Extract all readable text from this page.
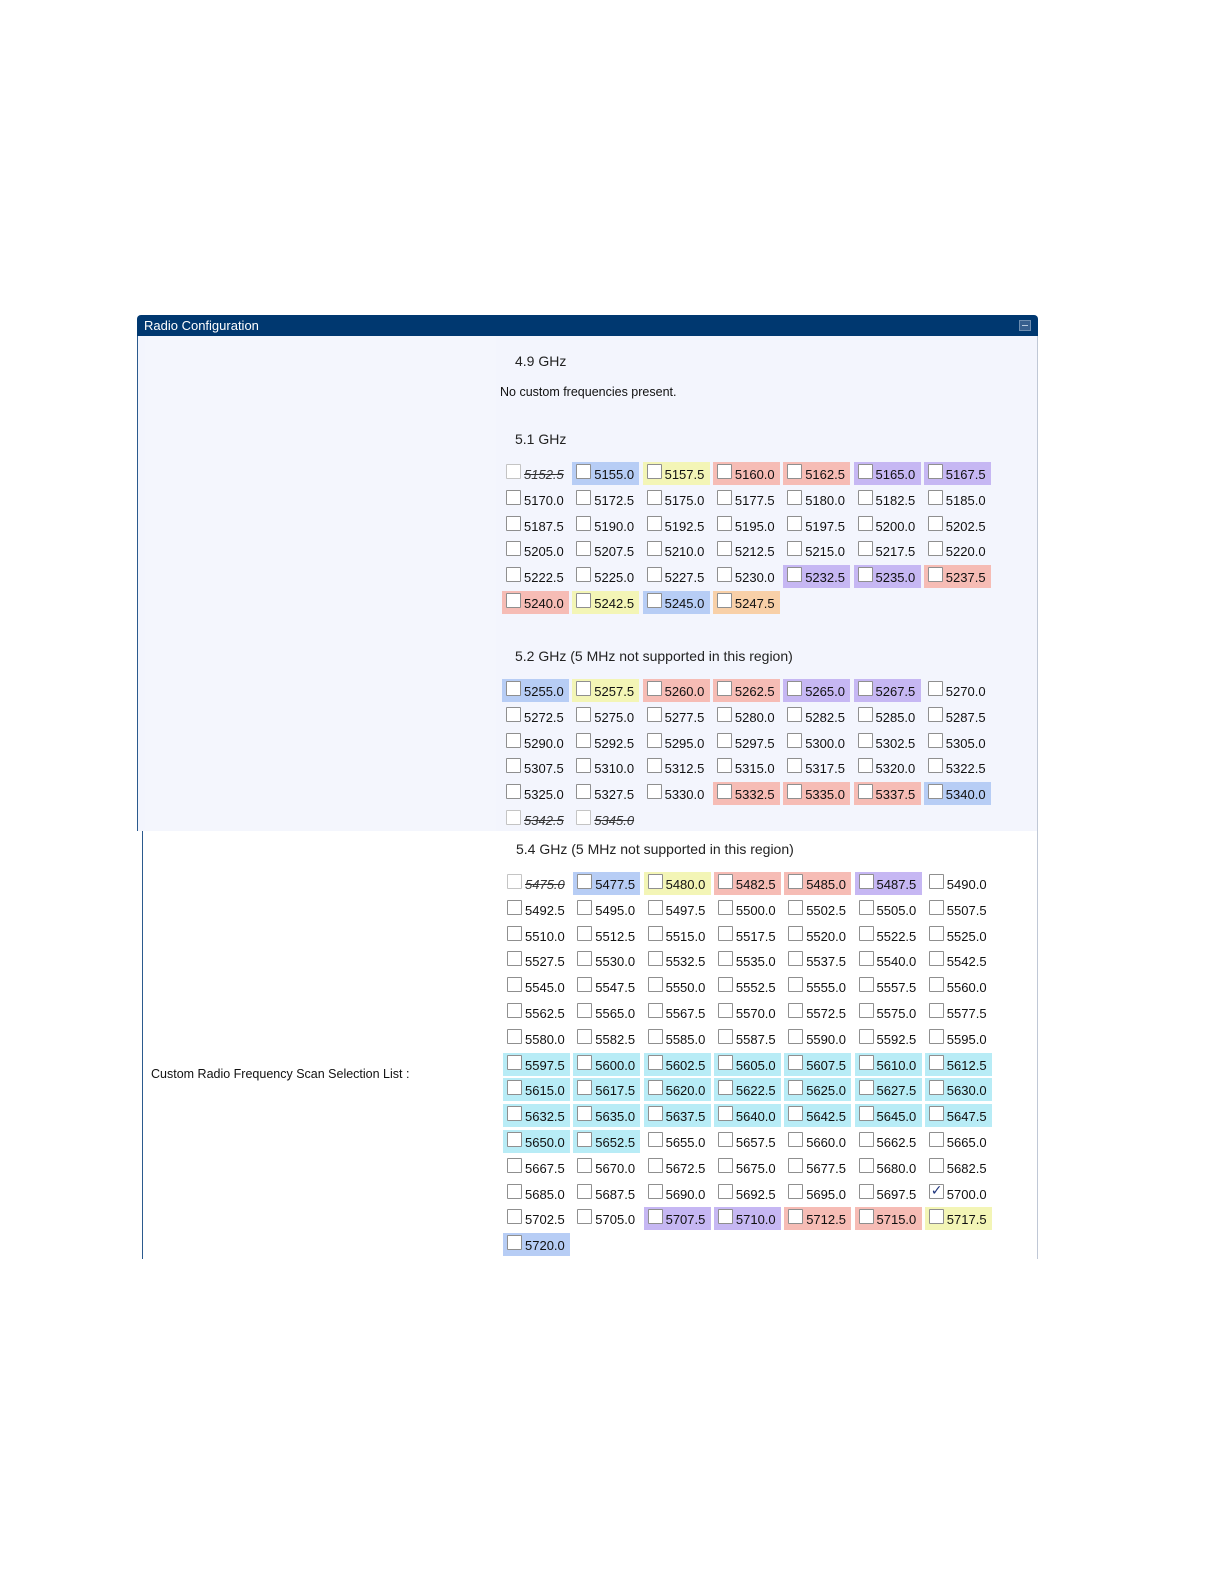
Radio Configuration
4.9 GHz
No custom frequencies present.
5.1 GHz
5152.5 5155.0 5157.5 5160.0 5162.5 5165.0 5167.5
5170.0 5172.5 5175.0 5177.5 5180.0 5182.5 5185.0
5187.5 5190.0 5192.5 5195.0 5197.5 5200.0 5202.5
5205.0 5207.5 5210.0 5212.5 5215.0 5217.5 5220.0
5222.5 5225.0 5227.5 5230.0 5232.5 5235.0 5237.5
5240.0 5242.5 5245.0 5247.5
5.2 GHz (5 MHz not supported in this region)
5255.0 5257.5 5260.0 5262.5 5265.0 5267.5 5270.0
5272.5 5275.0 5277.5 5280.0 5282.5 5285.0 5287.5
5290.0 5292.5 5295.0 5297.5 5300.0 5302.5 5305.0
5307.5 5310.0 5312.5 5315.0 5317.5 5320.0 5322.5
5325.0 5327.5 5330.0 5332.5 5335.0 5337.5 5340.0
5342.5 5345.0
Custom Radio Frequency Scan Selection List :
5.4 GHz (5 MHz not supported in this region)
5475.0 5477.5 5480.0 5482.5 5485.0 5487.5 5490.0
5492.5 5495.0 5497.5 5500.0 5502.5 5505.0 5507.5
5510.0 5512.5 5515.0 5517.5 5520.0 5522.5 5525.0
5527.5 5530.0 5532.5 5535.0 5537.5 5540.0 5542.5
5545.0 5547.5 5550.0 5552.5 5555.0 5557.5 5560.0
5562.5 5565.0 5567.5 5570.0 5572.5 5575.0 5577.5
5580.0 5582.5 5585.0 5587.5 5590.0 5592.5 5595.0
5597.5 5600.0 5602.5 5605.0 5607.5 5610.0 5612.5
5615.0 5617.5 5620.0 5622.5 5625.0 5627.5 5630.0
5632.5 5635.0 5637.5 5640.0 5642.5 5645.0 5647.5
5650.0 5652.5 5655.0 5657.5 5660.0 5662.5 5665.0
5667.5 5670.0 5672.5 5675.0 5677.5 5680.0 5682.5
5685.0 5687.5 5690.0 5692.5 5695.0 5697.5
✓ 5700.0
5702.5 5705.0 5707.5 5710.0 5712.5 5715.0 5717.5
5720.0
